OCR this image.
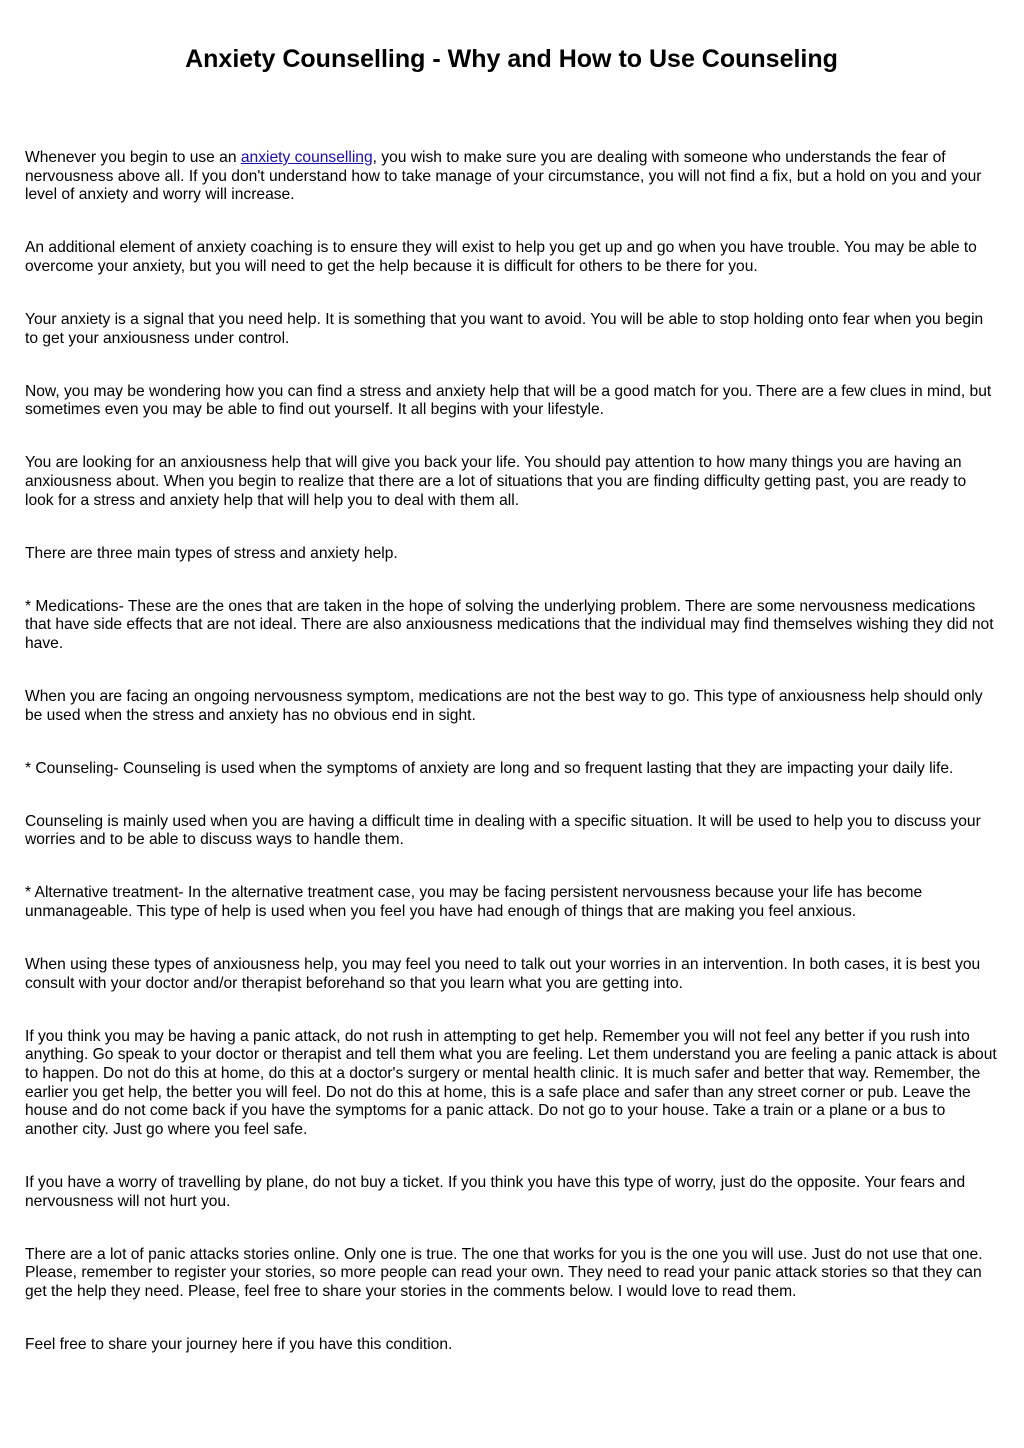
Anxiety Counselling - Why and How to Use Counseling

Whenever you begin to use an anxiety counselling, you wish to make sure you are dealing with someone who understands the fear of nervousness above all. If you don't understand how to take manage of your circumstance, you will not find a fix, but a hold on you and your level of anxiety and worry will increase.

An additional element of anxiety coaching is to ensure they will exist to help you get up and go when you have trouble. You may be able to overcome your anxiety, but you will need to get the help because it is difficult for others to be there for you.

Your anxiety is a signal that you need help. It is something that you want to avoid. You will be able to stop holding onto fear when you begin to get your anxiousness under control.

Now, you may be wondering how you can find a stress and anxiety help that will be a good match for you. There are a few clues in mind, but sometimes even you may be able to find out yourself. It all begins with your lifestyle.

You are looking for an anxiousness help that will give you back your life. You should pay attention to how many things you are having an anxiousness about. When you begin to realize that there are a lot of situations that you are finding difficulty getting past, you are ready to look for a stress and anxiety help that will help you to deal with them all.

There are three main types of stress and anxiety help.

* Medications- These are the ones that are taken in the hope of solving the underlying problem. There are some nervousness medications that have side effects that are not ideal. There are also anxiousness medications that the individual may find themselves wishing they did not have.

When you are facing an ongoing nervousness symptom, medications are not the best way to go. This type of anxiousness help should only be used when the stress and anxiety has no obvious end in sight.

* Counseling- Counseling is used when the symptoms of anxiety are long and so frequent lasting that they are impacting your daily life.

Counseling is mainly used when you are having a difficult time in dealing with a specific situation. It will be used to help you to discuss your worries and to be able to discuss ways to handle them.

* Alternative treatment- In the alternative treatment case, you may be facing persistent nervousness because your life has become unmanageable. This type of help is used when you feel you have had enough of things that are making you feel anxious.

When using these types of anxiousness help, you may feel you need to talk out your worries in an intervention. In both cases, it is best you consult with your doctor and/or therapist beforehand so that you learn what you are getting into.

If you think you may be having a panic attack, do not rush in attempting to get help. Remember you will not feel any better if you rush into anything. Go speak to your doctor or therapist and tell them what you are feeling. Let them understand you are feeling a panic attack is about to happen. Do not do this at home, do this at a doctor's surgery or mental health clinic. It is much safer and better that way. Remember, the earlier you get help, the better you will feel. Do not do this at home, this is a safe place and safer than any street corner or pub. Leave the house and do not come back if you have the symptoms for a panic attack. Do not go to your house. Take a train or a plane or a bus to another city. Just go where you feel safe.

If you have a worry of travelling by plane, do not buy a ticket. If you think you have this type of worry, just do the opposite. Your fears and nervousness will not hurt you.

There are a lot of panic attacks stories online. Only one is true. The one that works for you is the one you will use. Just do not use that one. Please, remember to register your stories, so more people can read your own. They need to read your panic attack stories so that they can get the help they need. Please, feel free to share your stories in the comments below. I would love to read them.

Feel free to share your journey here if you have this condition.
